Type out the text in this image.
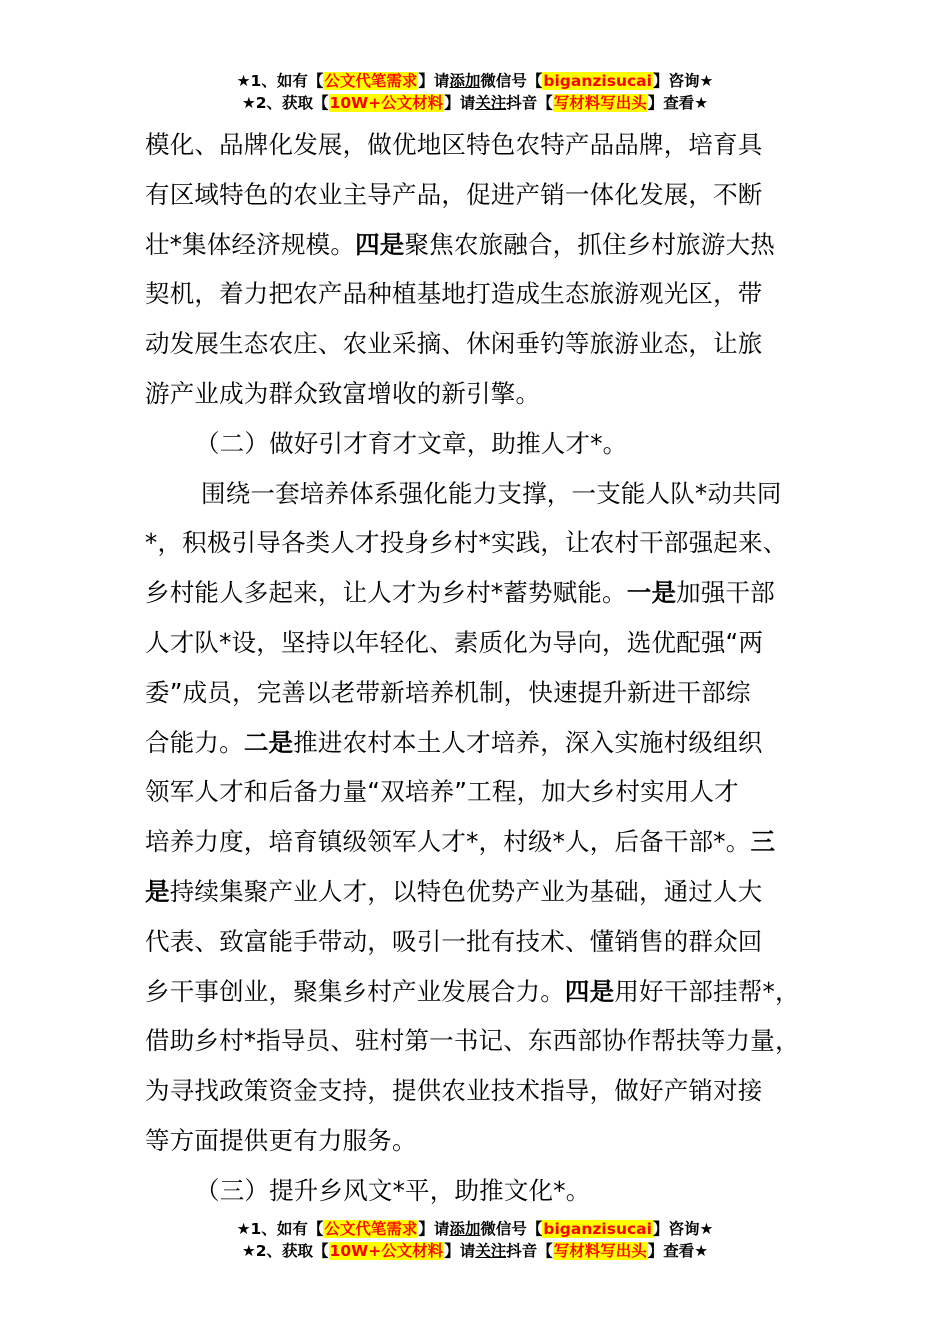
★1、如有【公文代笔需求】请添加微信号【biganzisucai】咨询★
★2、获取【10W+公文材料】请关注抖音【写材料写出头】查看★
模化、品牌化发展，做优地区特色农特产品品牌，培育具
有区域特色的农业主导产品，促进产销一体化发展，不断
壮*集体经济规模。四是聚焦农旅融合，抓住乡村旅游大热
契机，着力把农产品种植基地打造成生态旅游观光区，带
动发展生态农庄、农业采摘、休闲垂钓等旅游业态，让旅
游产业成为群众致富增收的新引擎。
（二）做好引才育才文章，助推人才*。
围绕一套培养体系强化能力支撑，一支能人队*动共同
*，积极引导各类人才投身乡村*实践，让农村干部强起来、
乡村能人多起来，让人才为乡村*蓄势赋能。一是加强干部
人才队*设，坚持以年轻化、素质化为导向，选优配强“两
委”成员，完善以老带新培养机制，快速提升新进干部综
合能力。二是推进农村本土人才培养，深入实施村级组织
领军人才和后备力量“双培养”工程，加大乡村实用人才
培养力度，培育镇级领军人才*，村级*人，后备干部*。三
是持续集聚产业人才，以特色优势产业为基础，通过人大
代表、致富能手带动，吸引一批有技术、懂销售的群众回
乡干事创业，聚集乡村产业发展合力。四是用好干部挂帮*，
借助乡村*指导员、驻村第一书记、东西部协作帮扶等力量，
为寻找政策资金支持，提供农业技术指导，做好产销对接
等方面提供更有力服务。
（三）提升乡风文*平，助推文化*。
★1、如有【公文代笔需求】请添加微信号【biganzisucai】咨询★
★2、获取【10W+公文材料】请关注抖音【写材料写出头】查看★
